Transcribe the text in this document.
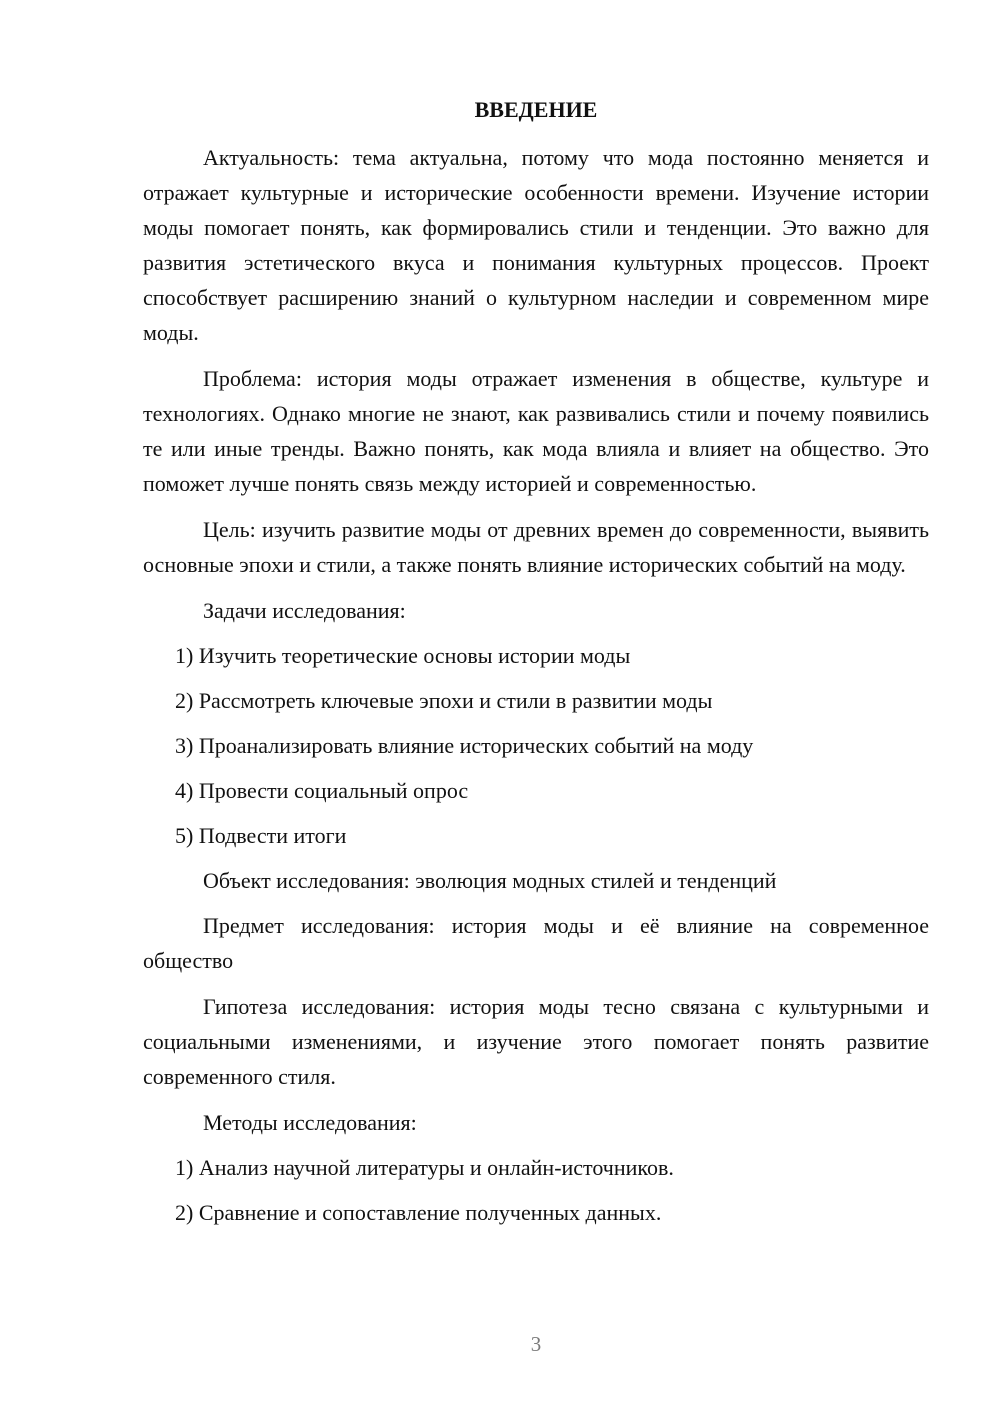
ВВЕДЕНИЕ

Актуальность: тема актуальна, потому что мода постоянно меняется и отражает культурные и исторические особенности времени. Изучение истории моды помогает понять, как формировались стили и тенденции. Это важно для развития эстетического вкуса и понимания культурных процессов. Проект способствует расширению знаний о культурном наследии и современном мире моды.

Проблема: история моды отражает изменения в обществе, культуре и технологиях. Однако многие не знают, как развивались стили и почему появились те или иные тренды. Важно понять, как мода влияла и влияет на общество. Это поможет лучше понять связь между историей и современностью.

Цель: изучить развитие моды от древних времен до современности, выявить основные эпохи и стили, а также понять влияние исторических событий на моду.

Задачи исследования:

1) Изучить теоретические основы истории моды

2) Рассмотреть ключевые эпохи и стили в развитии моды

3) Проанализировать влияние исторических событий на моду

4) Провести социальный опрос

5) Подвести итоги

Объект исследования: эволюция модных стилей и тенденций

Предмет исследования: история моды и её влияние на современное общество

Гипотеза исследования: история моды тесно связана с культурными и социальными изменениями, и изучение этого помогает понять развитие современного стиля.

Методы исследования:

1) Анализ научной литературы и онлайн-источников.

2) Сравнение и сопоставление полученных данных.

3
